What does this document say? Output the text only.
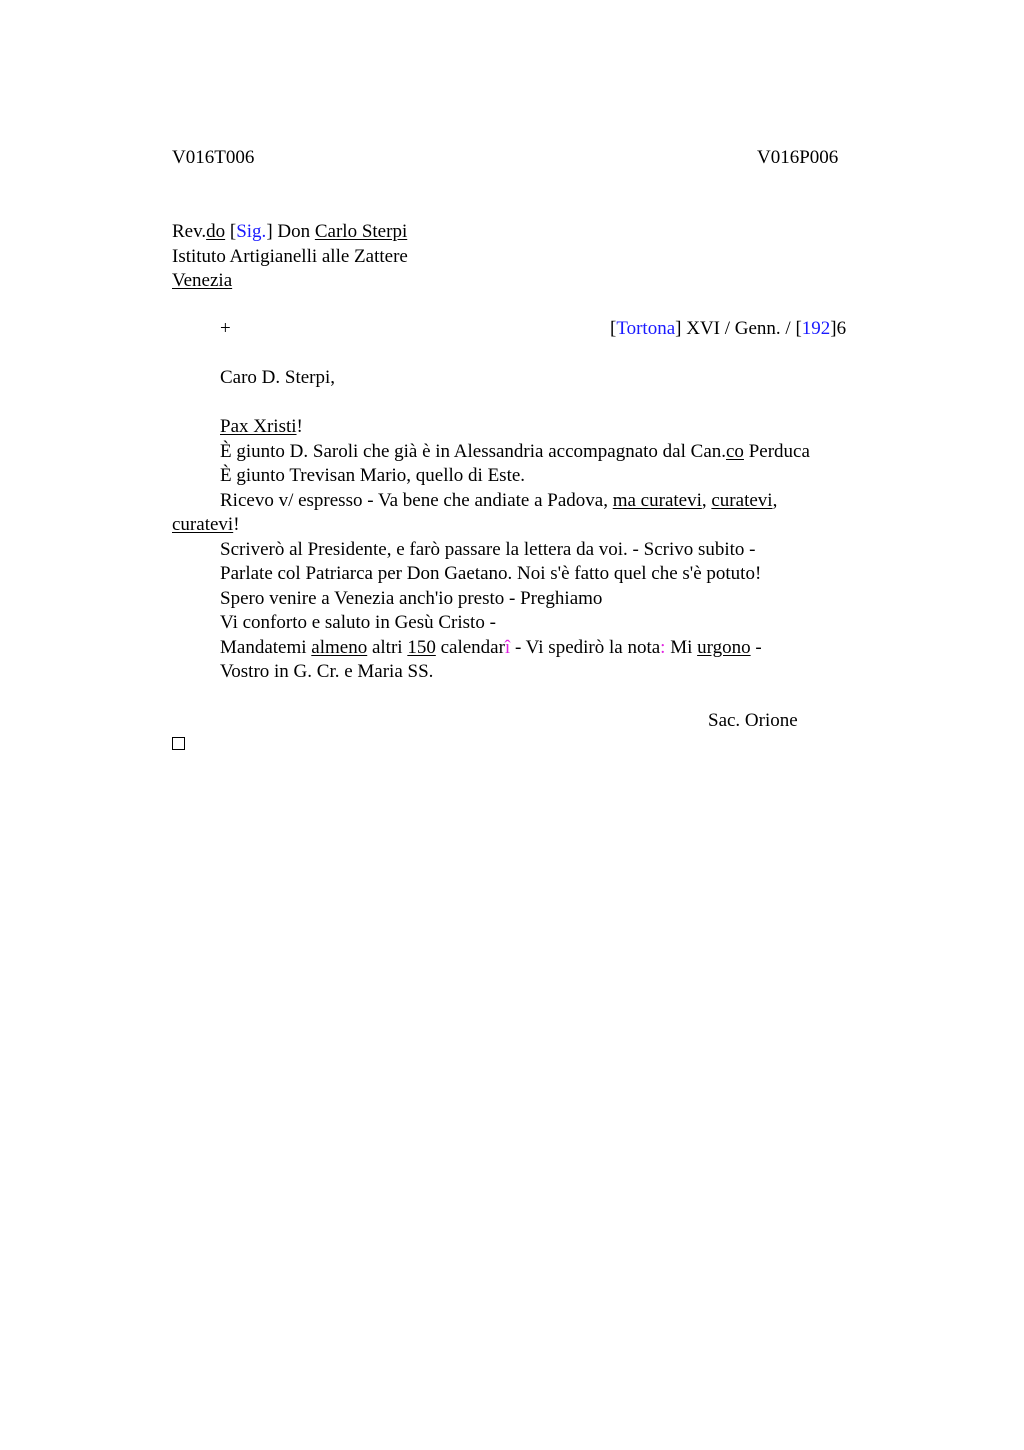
V016T006	V016P006
Rev.do [Sig.] Don Carlo Sterpi
Istituto Artigianelli alle Zattere
Venezia
+	[Tortona] XVI / Genn. / [192]6
Caro D. Sterpi,
Pax Xristi!
È giunto D. Saroli che già è in Alessandria accompagnato dal Can.co Perduca
È giunto Trevisan Mario, quello di Este.
Ricevo v/ espresso - Va bene che andiate a Padova, ma curatevi, curatevi,
curatevi!
Scriverò al Presidente, e farò passare la lettera da voi. - Scrivo subito -
Parlate col Patriarca per Don Gaetano. Noi s'è fatto quel che s'è potuto!
Spero venire a Venezia anch'io presto - Preghiamo
Vi conforto e saluto in Gesù Cristo -
Mandatemi almeno altri 150 calendarî - Vi spedirò la nota: Mi urgono -
Vostro in G. Cr. e Maria SS.
Sac. Orione
